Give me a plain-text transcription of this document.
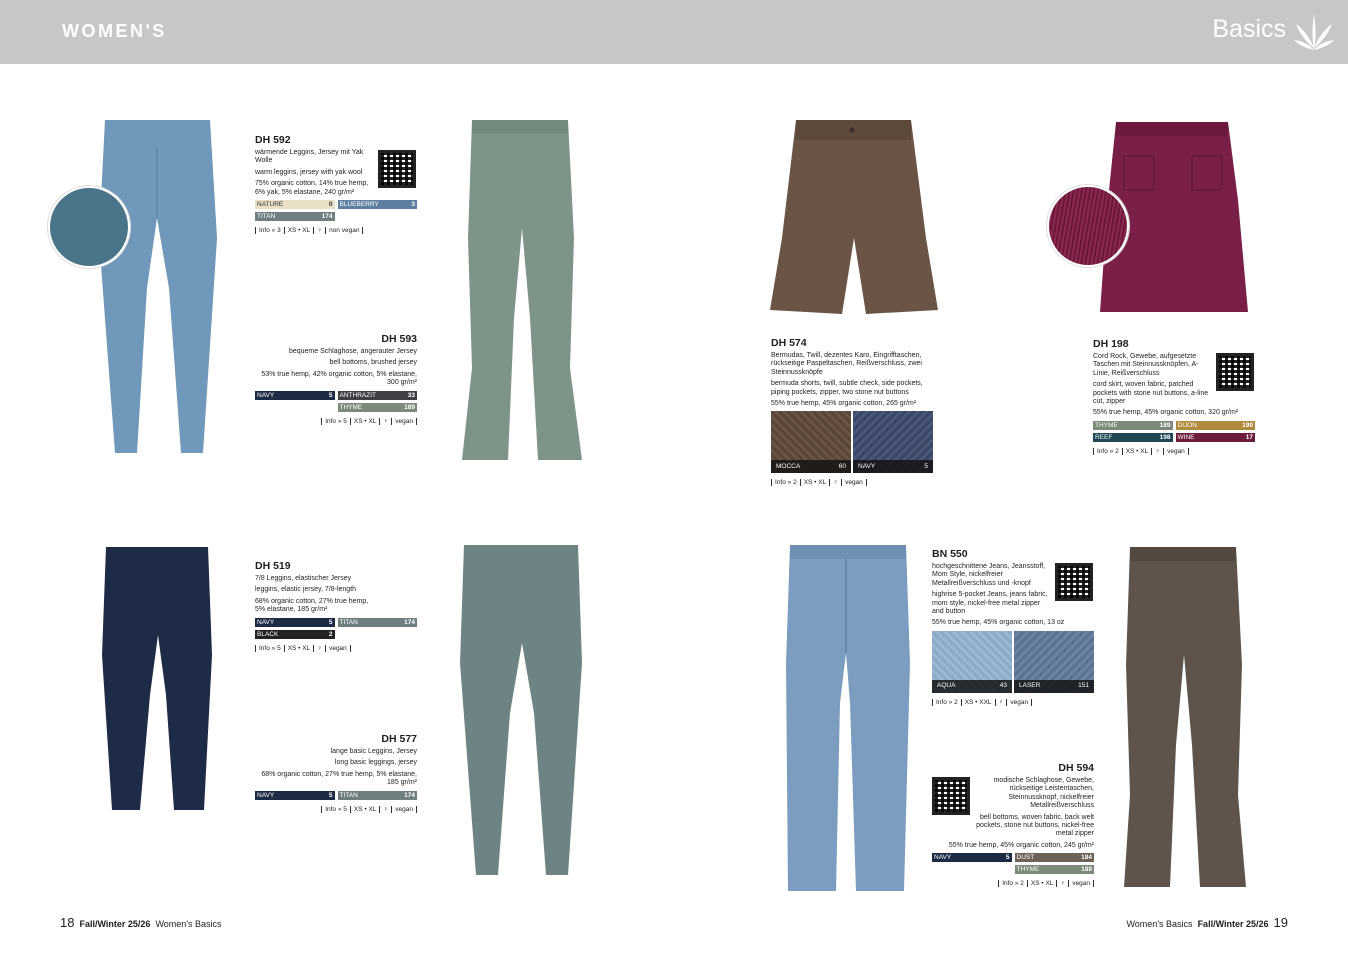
WOMEN'S	Basics
DH 592

wärmende Leggins, Jersey mit Yak Wolle

warm leggins, jersey with yak wool

75% organic cotton, 14% true hemp, 6% yak, 5% elastane, 240 gr/m²

NATURE	0 BLUEBERRY	3
TITAN	174
Info » 3 XS • XL ♀ non vegan
DH 593

bequeme Schlaghose, angerauter Jersey

bell bottoms, brushed jersey

53% true hemp, 42% organic cotton, 5% elastane, 300 gr/m²

NAVY	5 ANTHRAZIT	33
THYME	189
Info » 5 XS • XL ♀ vegan
DH 519

7/8 Leggins, elastischer Jersey

leggins, elastic jersey, 7/8-length

68% organic cotton, 27% true hemp, 5% elastane, 185 gr/m²

NAVY	5 TITAN	174
BLACK	2
Info » 5 XS • XL ♀ vegan
DH 577

lange basic Leggins, Jersey

long basic leggings, jersey

68% organic cotton, 27% true hemp, 5% elastane, 185 gr/m²

NAVY	5 TITAN	174
Info » 5 XS • XL ♀ vegan
DH 574

Bermudas, Twill, dezentes Karo, Eingrifftaschen, rückseitige Paspeltaschen, Reißverschluss, zwei Steinnussknöpfe

bermuda shorts, twill, subtle check, side pockets, piping pockets, zipper, two stone nut buttons

55% true hemp, 45% organic cotton, 265 gr/m²

MOCCA	60 NAVY	5
Info » 2 XS • XL ♀ vegan
DH 198

Cord Rock, Gewebe, aufgesetzte Taschen mit Steinnussknöpfen, A-Linie, Reißverschluss

cord skirt, woven fabric, patched pockets with stone nut buttons, a-line cut, zipper

55% true hemp, 45% organic cotton, 320 gr/m²

THYME	189 DIJON	190
REEF	198 WINE	17
Info » 2 XS • XL ♀ vegan
BN 550

hochgeschnittene Jeans, Jeansstoff, Mom Style, nickelfreier Metallreißverschluss und -knopf

highrise 5-pocket Jeans, jeans fabric, mom style, nickel-free metal zipper and button

55% true hemp, 45% organic cotton, 13 oz

AQUA	43 LASER	151
Info » 2 XS • XXL ♀ vegan
DH 594

modische Schlaghose, Gewebe, rückseitige Leistentaschen, Steinnussknopf, nickelfreier Metallreißverschluss

bell bottoms, woven fabric, back welt pockets, stone nut buttons, nickel-free metal zipper

55% true hemp, 45% organic cotton, 245 gr/m²

NAVY	5 DUST	184
THYME	189
Info » 2 XS • XL ♀ vegan
18 Fall/Winter 25/26 Women's Basics	Women's Basics Fall/Winter 25/26 19
